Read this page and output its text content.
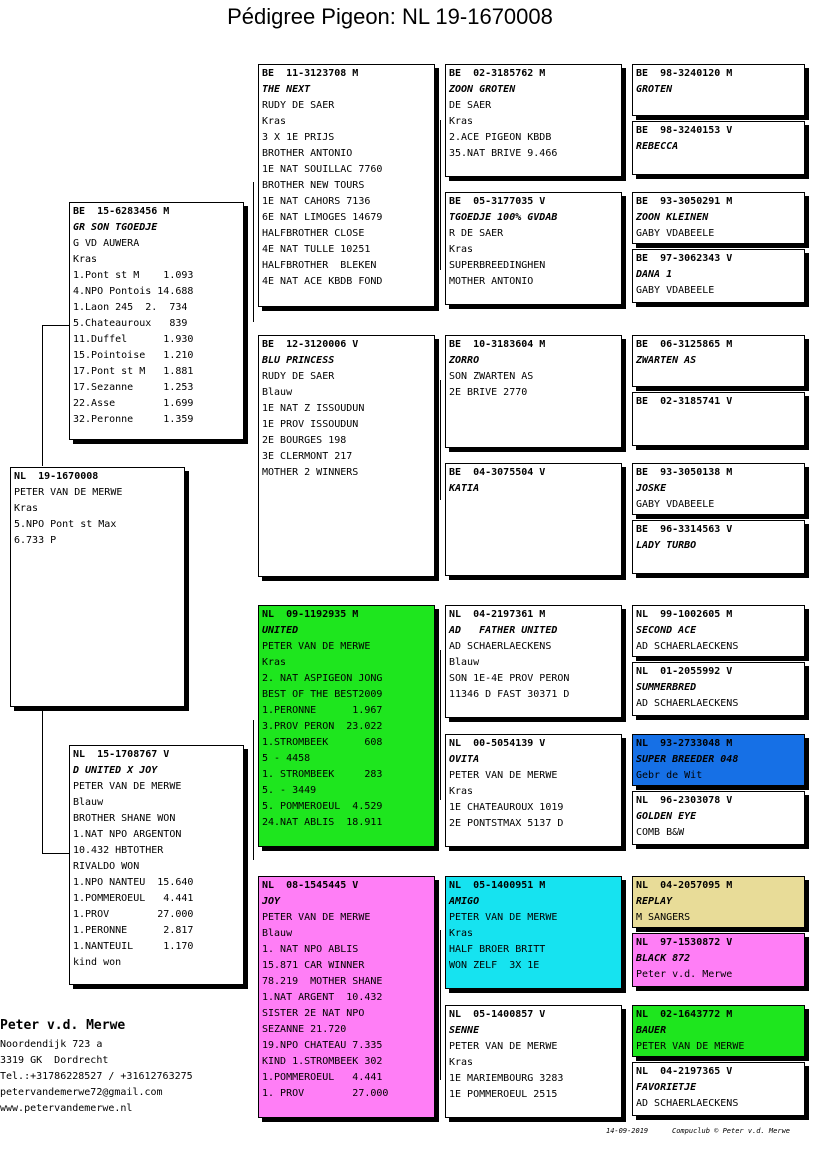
Pédigree Pigeon: NL 19-1670008
NL  19-1670008
PETER VAN DE MERWE
Kras
5.NPO Pont st Max
6.733 P
BE  15-6283456 M
GR SON TGOEDJE
G VD AUWERA
Kras
1.Pont st M    1.093
4.NPO Pontois 14.688
1.Laon 245  2.  734
5.Chateauroux   839
11.Duffel      1.930
15.Pointoise   1.210
17.Pont st M   1.881
17.Sezanne     1.253
22.Asse        1.699
32.Peronne     1.359
NL  15-1708767 V
D UNITED X JOY
PETER VAN DE MERWE
Blauw
BROTHER SHANE WON
1.NAT NPO ARGENTON
10.432 HBTOTHER
RIVALDO WON
1.NPO NANTEU  15.640
1.POMMEROEUL   4.441
1.PROV        27.000
1.PERONNE      2.817
1.NANTEUIL     1.170
kind won
BE  11-3123708 M
THE NEXT
RUDY DE SAER
Kras
3 X 1E PRIJS
BROTHER ANTONIO
1E NAT SOUILLAC 7760
BROTHER NEW TOURS
1E NAT CAHORS 7136
6E NAT LIMOGES 14679
HALFBROTHER CLOSE
4E NAT TULLE 10251
HALFBROTHER  BLEKEN
4E NAT ACE KBDB FOND
BE  12-3120006 V
BLU PRINCESS
RUDY DE SAER
Blauw
1E NAT Z ISSOUDUN
1E PROV ISSOUDUN
2E BOURGES 198
3E CLERMONT 217
MOTHER 2 WINNERS
NL  09-1192935 M
UNITED
PETER VAN DE MERWE
Kras
2. NAT ASPIGEON JONG
BEST OF THE BEST2009
1.PERONNE      1.967
3.PROV PERON  23.022
1.STROMBEEK      608
5 - 4458
1. STROMBEEK     283
5. - 3449
5. POMMEROEUL  4.529
24.NAT ABLIS  18.911
NL  08-1545445 V
JOY
PETER VAN DE MERWE
Blauw
1. NAT NPO ABLIS
15.871 CAR WINNER
78.219  MOTHER SHANE
1.NAT ARGENT  10.432
SISTER 2E NAT NPO
SEZANNE 21.720
19.NPO CHATEAU 7.335
KIND 1.STROMBEEK 302
1.POMMEROEUL   4.441
1. PROV        27.000
BE  02-3185762 M
ZOON GROTEN
DE SAER
Kras
2.ACE PIGEON KBDB
35.NAT BRIVE 9.466
BE  05-3177035 V
TGOEDJE 100% GVDAB
R DE SAER
Kras
SUPERBREEDINGHEN
MOTHER ANTONIO
BE  10-3183604 M
ZORRO
SON ZWARTEN AS
2E BRIVE 2770
BE  04-3075504 V
KATIA
NL  04-2197361 M
AD   FATHER UNITED
AD SCHAERLAECKENS
Blauw
SON 1E-4E PROV PERON
11346 D FAST 30371 D
NL  00-5054139 V
OVITA
PETER VAN DE MERWE
Kras
1E CHATEAUROUX 1019
2E PONTSTMAX 5137 D
NL  05-1400951 M
AMIGO
PETER VAN DE MERWE
Kras
HALF BROER BRITT
WON ZELF  3X 1E
NL  05-1400857 V
SENNE
PETER VAN DE MERWE
Kras
1E MARIEMBOURG 3283
1E POMMEROEUL 2515
BE  98-3240120 M
GROTEN
BE  98-3240153 V
REBECCA
BE  93-3050291 M
ZOON KLEINEN
GABY VDABEELE
BE  97-3062343 V
DANA 1
GABY VDABEELE
BE  06-3125865 M
ZWARTEN AS
BE  02-3185741 V
BE  93-3050138 M
JOSKE
GABY VDABEELE
BE  96-3314563 V
LADY TURBO
NL  99-1002605 M
SECOND ACE
AD SCHAERLAECKENS
NL  01-2055992 V
SUMMERBRED
AD SCHAERLAECKENS
NL  93-2733048 M
SUPER BREEDER 048
Gebr de Wit
NL  96-2303078 V
GOLDEN EYE
COMB B&W
NL  04-2057095 M
REPLAY
M SANGERS
NL  97-1530872 V
BLACK 872
Peter v.d. Merwe
NL  02-1643772 M
BAUER
PETER VAN DE MERWE
NL  04-2197365 V
FAVORIETJE
AD SCHAERLAECKENS
Peter v.d. Merwe
Noordendijk 723 a
3319 GK  Dordrecht
Tel.:+31786228527 / +31612763275
petervandemerwe72@gmail.com
www.petervandemerwe.nl
14-09-2019	Compuclub © Peter v.d. Merwe
